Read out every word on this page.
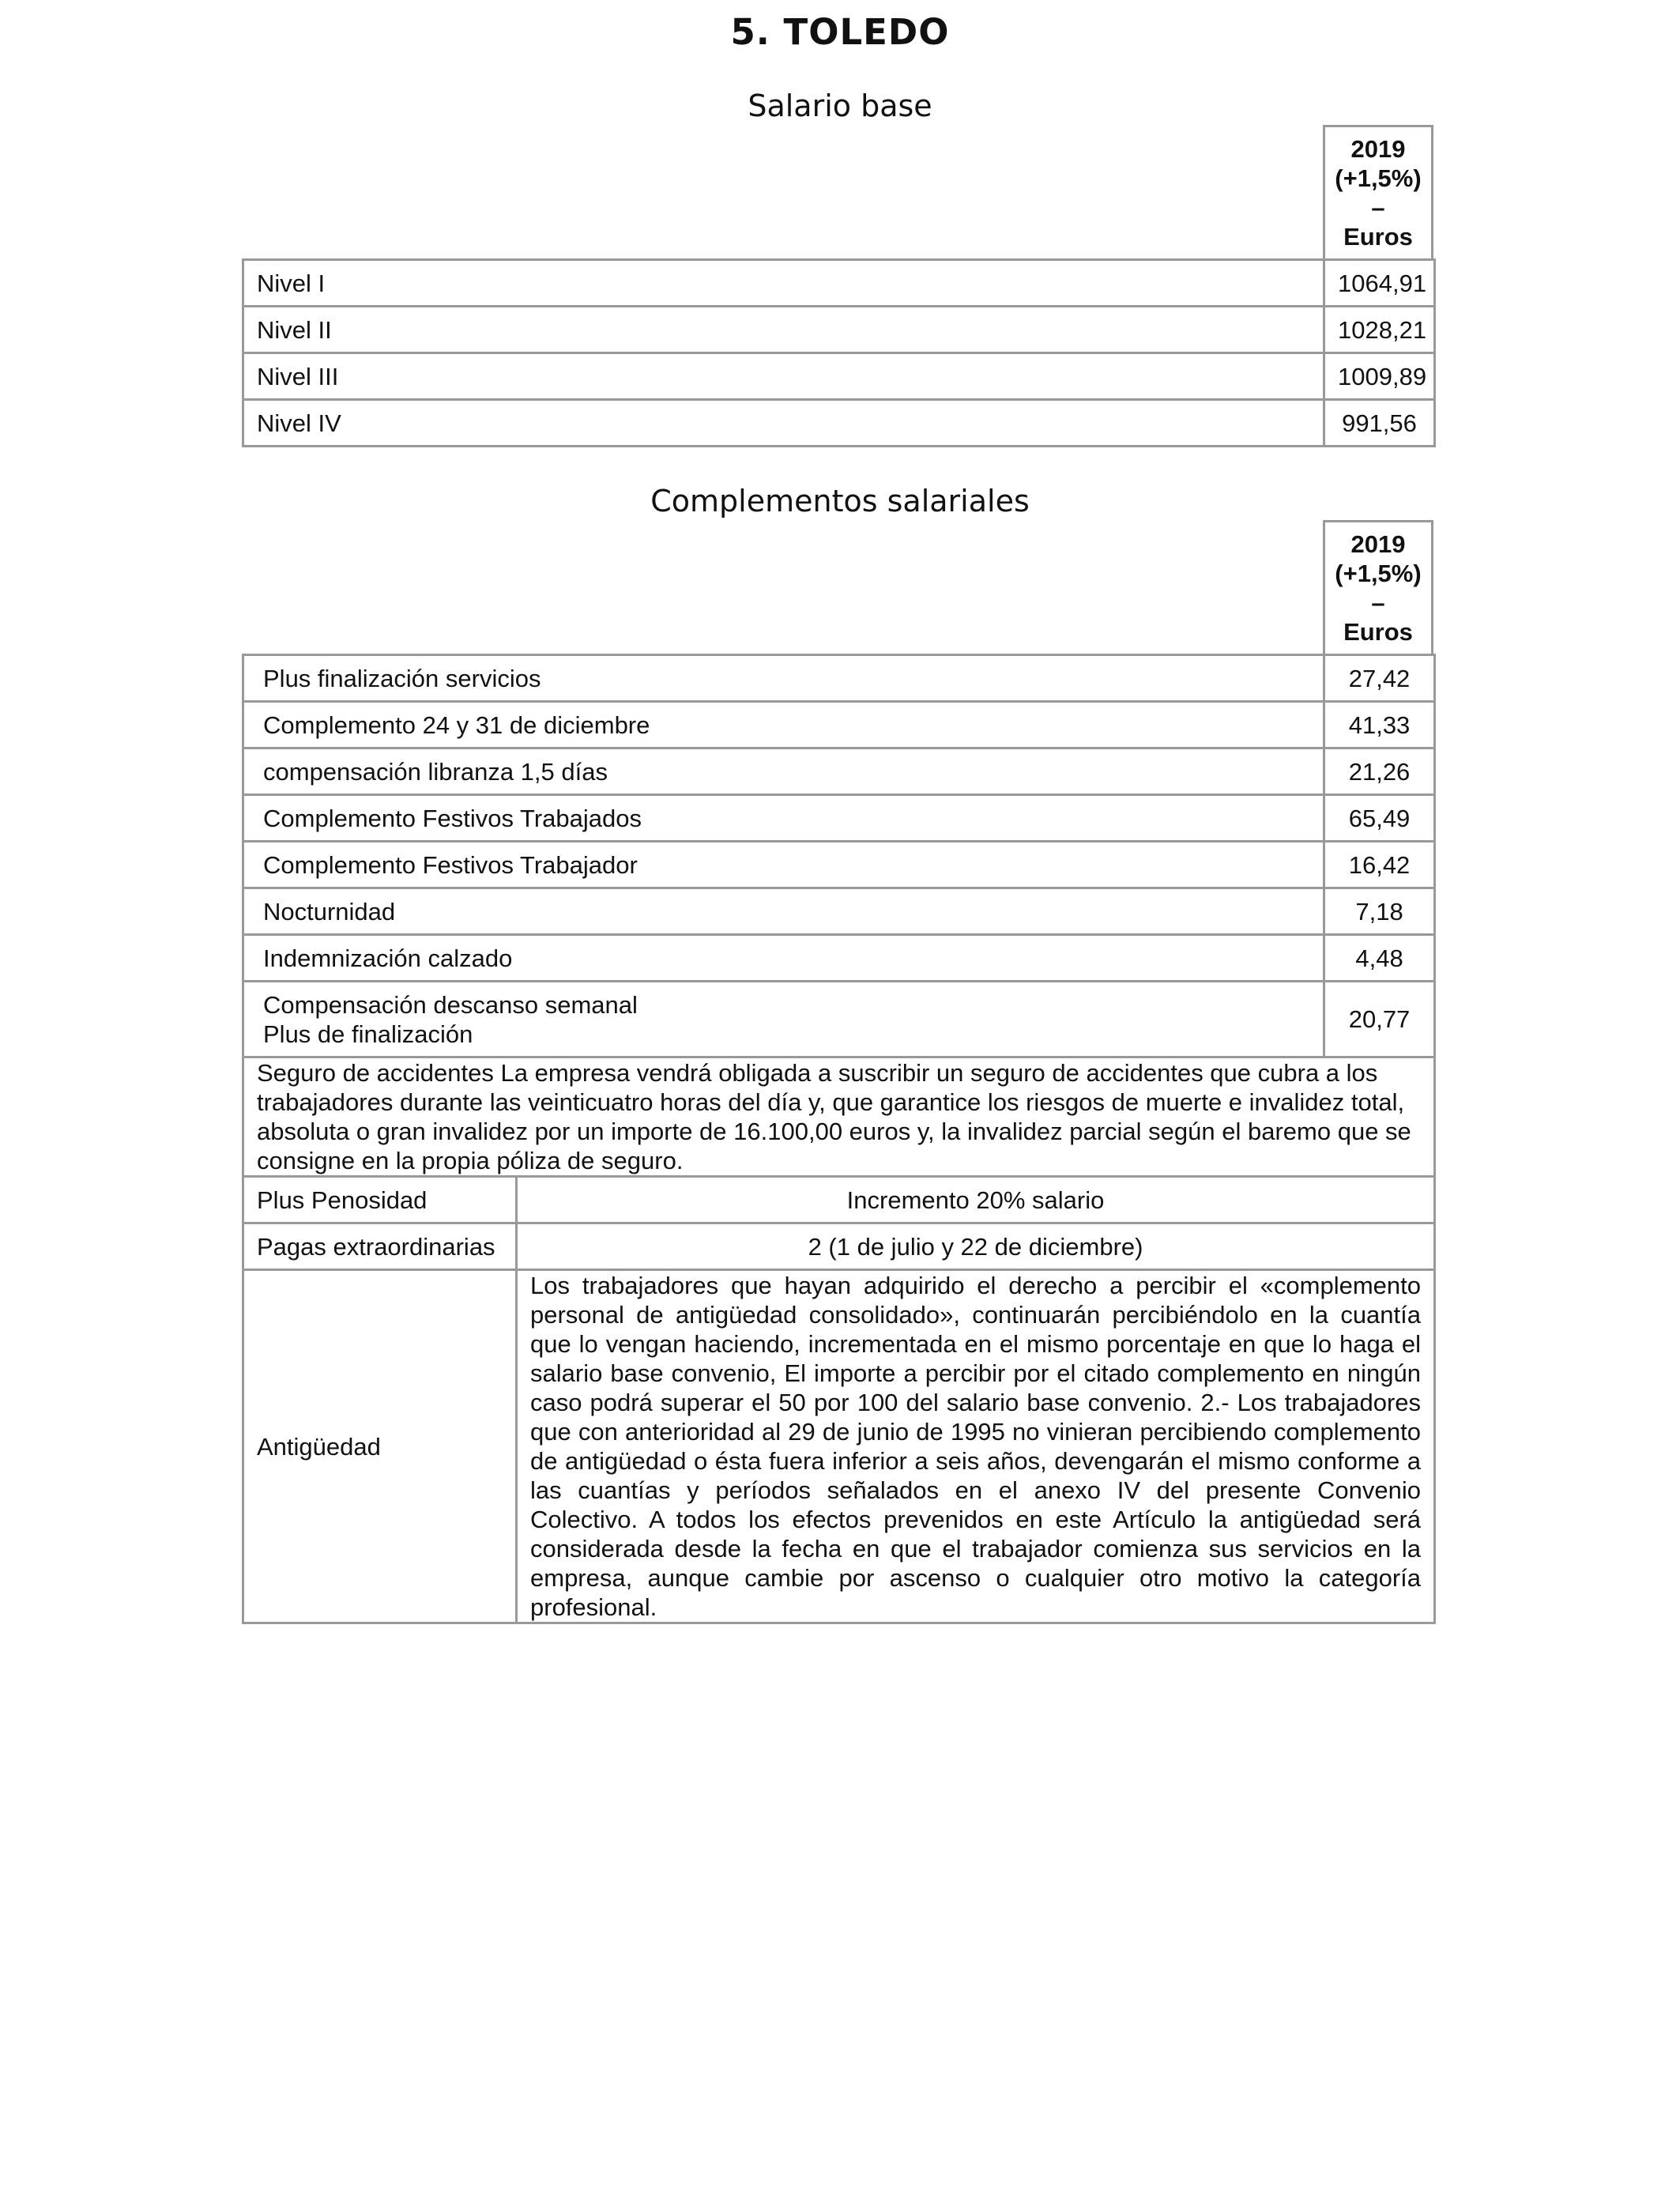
5. TOLEDO
Salario base
2019
(+1,5%)
–
Euros
Nivel I	1064,91
Nivel II	1028,21
Nivel III	1009,89
Nivel IV	991,56
Complementos salariales
2019
(+1,5%)
–
Euros
Plus finalización servicios		27,42
Complemento 24 y 31 de diciembre		41,33
compensación libranza 1,5 días		21,26
Complemento Festivos Trabajados		65,49
Complemento Festivos Trabajador		16,42
Nocturnidad		7,18
Indemnización calzado		4,48

Compensación descanso semanal
Plus de finalización		20,77
Seguro de accidentes La empresa vendrá obligada a suscribir un seguro de accidentes que cubra a los trabajadores durante las veinticuatro horas del día y, que garantice los riesgos de muerte e invalidez total, absoluta o gran invalidez por un importe de 16.100,00 euros y, la invalidez parcial según el baremo que se consigne en la propia póliza de seguro.		
Plus Penosidad	Incremento 20% salario	
Pagas extraordinarias	2 (1 de julio y 22 de diciembre)	
Antigüedad	Los trabajadores que hayan adquirido el derecho a percibir el «complemento personal de antigüedad consolidado», continuarán percibiéndolo en la cuantía que lo vengan haciendo, incrementada en el mismo porcentaje en que lo haga el salario base convenio, El importe a percibir por el citado complemento en ningún caso podrá superar el 50 por 100 del salario base convenio. 2.- Los trabajadores que con anterioridad al 29 de junio de 1995 no vinieran percibiendo complemento de antigüedad o ésta fuera inferior a seis años, devengarán el mismo conforme a las cuantías y períodos señalados en el anexo IV del presente Convenio Colectivo. A todos los efectos prevenidos en este Artículo la antigüedad será considerada desde la fecha en que el trabajador comienza sus servicios en la empresa, aunque cambie por ascenso o cualquier otro motivo la categoría profesional.	
